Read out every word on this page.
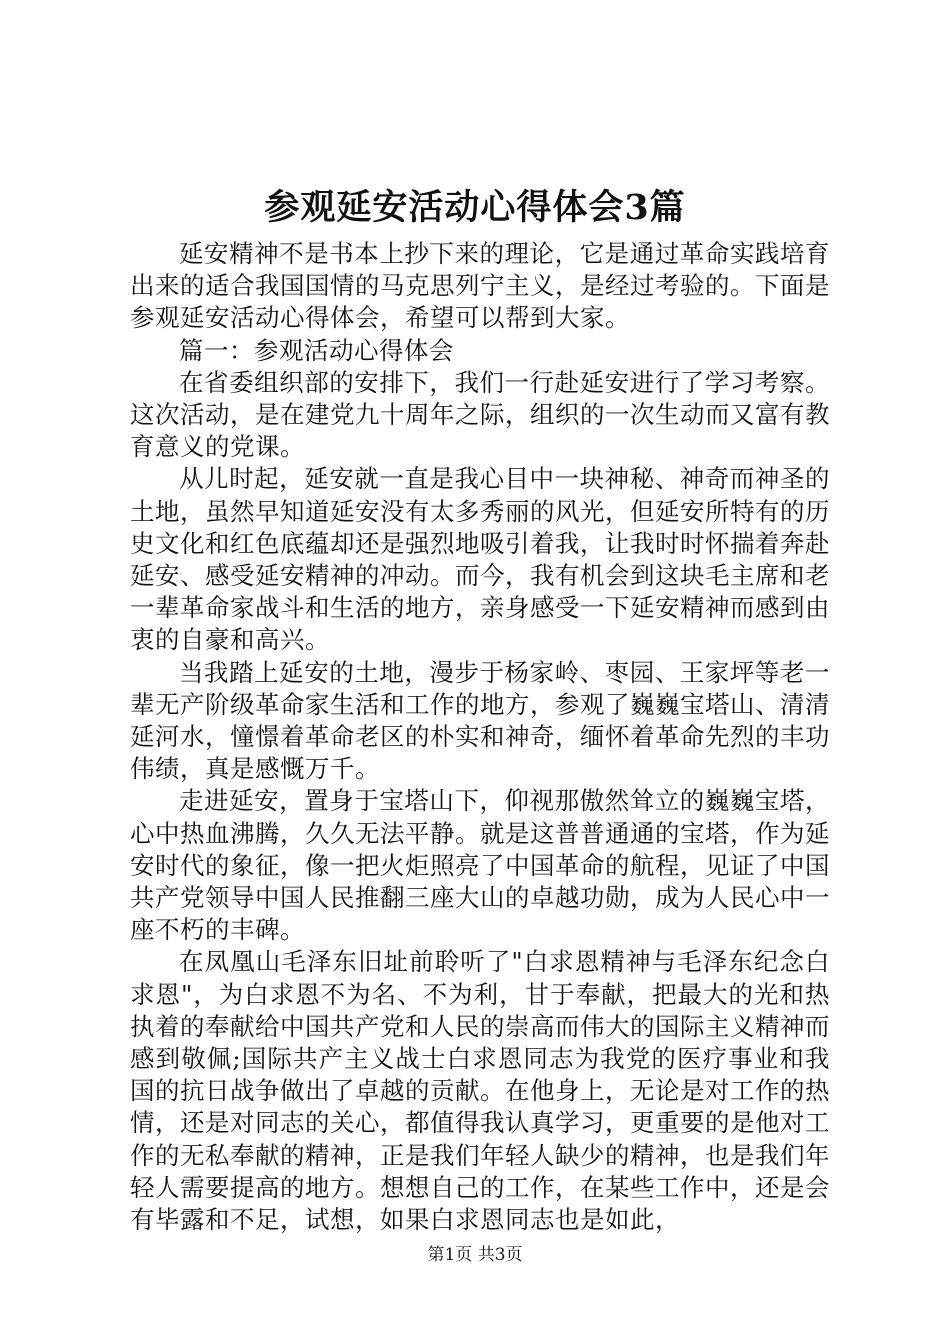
参观延安活动心得体会3篇

延安精神不是书本上抄下来的理论，它是通过革命实践培育出来的适合我国国情的马克思列宁主义，是经过考验的。下面是参观延安活动心得体会，希望可以帮到大家。

篇一：参观活动心得体会

在省委组织部的安排下，我们一行赴延安进行了学习考察。这次活动，是在建党九十周年之际，组织的一次生动而又富有教育意义的党课。

从儿时起，延安就一直是我心目中一块神秘、神奇而神圣的土地，虽然早知道延安没有太多秀丽的风光，但延安所特有的历史文化和红色底蕴却还是强烈地吸引着我，让我时时怀揣着奔赴延安、感受延安精神的冲动。而今，我有机会到这块毛主席和老一辈革命家战斗和生活的地方，亲身感受一下延安精神而感到由衷的自豪和高兴。

当我踏上延安的土地，漫步于杨家岭、枣园、王家坪等老一辈无产阶级革命家生活和工作的地方，参观了巍巍宝塔山、清清延河水，憧憬着革命老区的朴实和神奇，缅怀着革命先烈的丰功伟绩，真是感慨万千。

走进延安，置身于宝塔山下，仰视那傲然耸立的巍巍宝塔，心中热血沸腾，久久无法平静。就是这普普通通的宝塔，作为延安时代的象征，像一把火炬照亮了中国革命的航程，见证了中国共产党领导中国人民推翻三座大山的卓越功勋，成为人民心中一座不朽的丰碑。

在凤凰山毛泽东旧址前聆听了"白求恩精神与毛泽东纪念白求恩"，为白求恩不为名、不为利，甘于奉献，把最大的光和热执着的奉献给中国共产党和人民的崇高而伟大的国际主义精神而感到敬佩;国际共产主义战士白求恩同志为我党的医疗事业和我国的抗日战争做出了卓越的贡献。在他身上，无论是对工作的热情，还是对同志的关心，都值得我认真学习，更重要的是他对工作的无私奉献的精神，正是我们年轻人缺少的精神，也是我们年轻人需要提高的地方。想想自己的工作，在某些工作中，还是会有毕露和不足，试想，如果白求恩同志也是如此，

第1页 共3页
